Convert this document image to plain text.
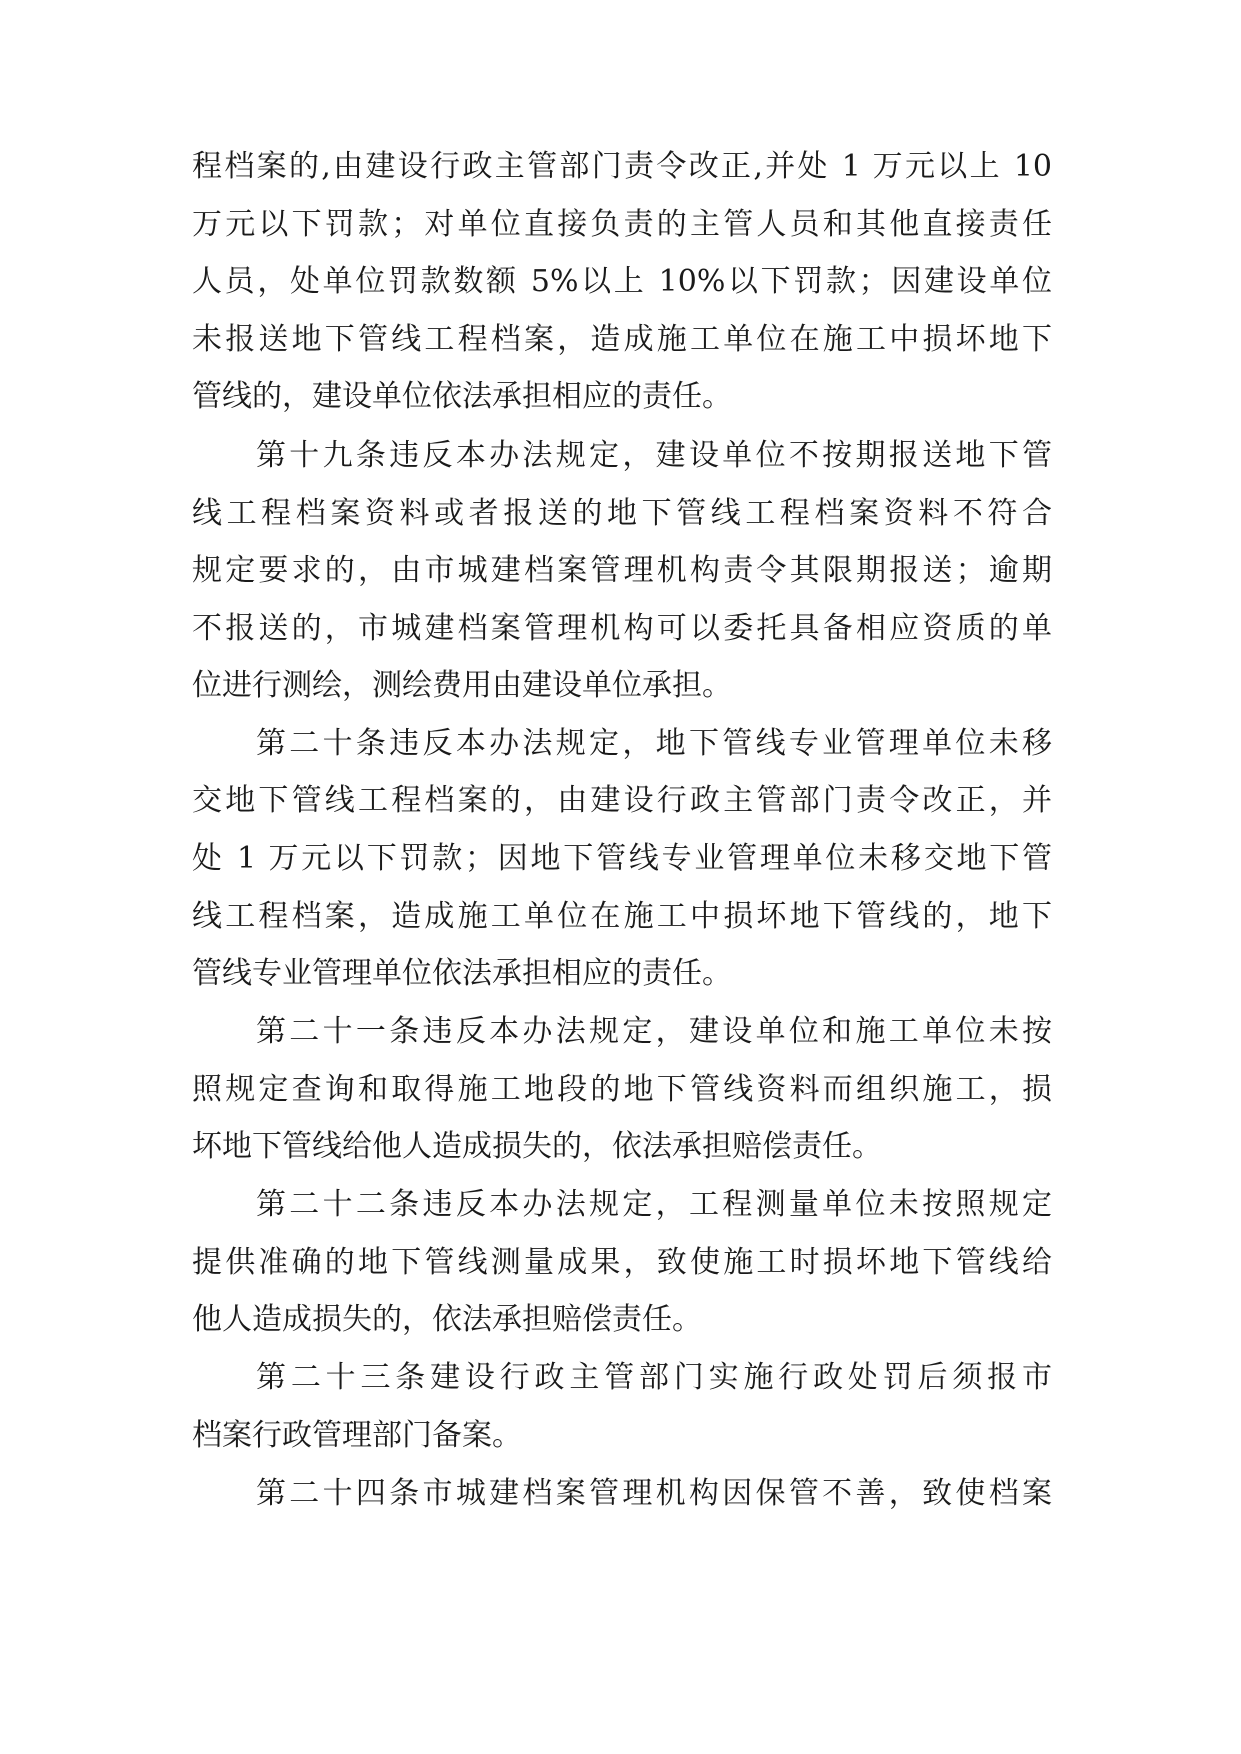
程档案的,由建设行政主管部门责令改正,并处 1 万元以上 10

万元以下罚款；对单位直接负责的主管人员和其他直接责任

人员，处单位罚款数额 5%以上 10%以下罚款；因建设单位

未报送地下管线工程档案，造成施工单位在施工中损坏地下

管线的，建设单位依法承担相应的责任。

第十九条违反本办法规定，建设单位不按期报送地下管

线工程档案资料或者报送的地下管线工程档案资料不符合

规定要求的，由市城建档案管理机构责令其限期报送；逾期

不报送的，市城建档案管理机构可以委托具备相应资质的单

位进行测绘，测绘费用由建设单位承担。

第二十条违反本办法规定，地下管线专业管理单位未移

交地下管线工程档案的，由建设行政主管部门责令改正，并

处 1 万元以下罚款；因地下管线专业管理单位未移交地下管

线工程档案，造成施工单位在施工中损坏地下管线的，地下

管线专业管理单位依法承担相应的责任。

第二十一条违反本办法规定，建设单位和施工单位未按

照规定查询和取得施工地段的地下管线资料而组织施工，损

坏地下管线给他人造成损失的，依法承担赔偿责任。

第二十二条违反本办法规定，工程测量单位未按照规定

提供准确的地下管线测量成果，致使施工时损坏地下管线给

他人造成损失的，依法承担赔偿责任。

第二十三条建设行政主管部门实施行政处罚后须报市

档案行政管理部门备案。

第二十四条市城建档案管理机构因保管不善，致使档案
